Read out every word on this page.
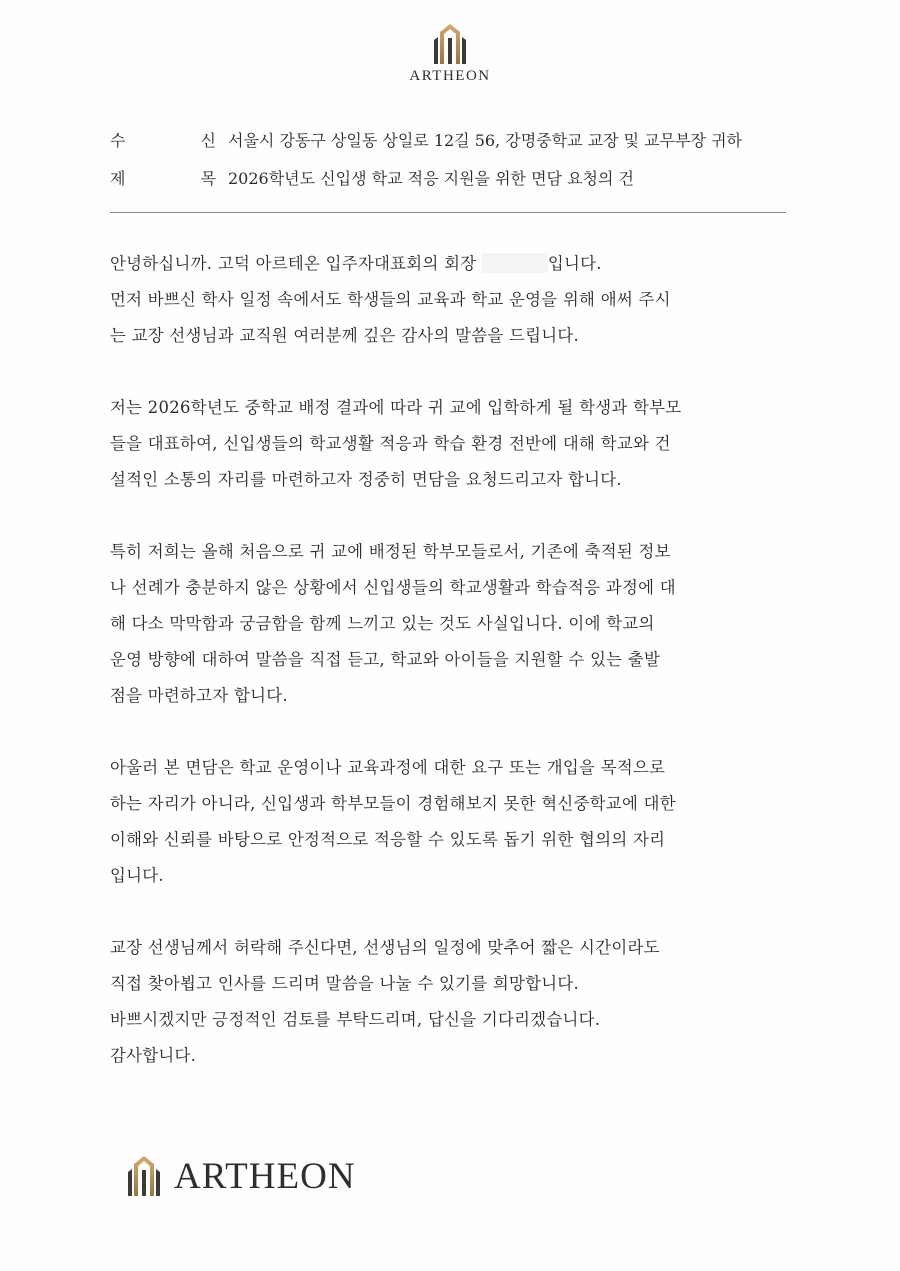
ARTHEON
수	신 서울시 강동구 상일동 상일로 12길 56, 강명중학교 교장 및 교무부장 귀하
제	목 2026학년도 신입생 학교 적응 지원을 위한 면담 요청의 건
안녕하십니까. 고덕 아르테온 입주자대표회의 회장	입니다.
먼저 바쁘신 학사 일정 속에서도 학생들의 교육과 학교 운영을 위해 애써 주시
는 교장 선생님과 교직원 여러분께 깊은 감사의 말씀을 드립니다.
저는 2026학년도 중학교 배정 결과에 따라 귀 교에 입학하게 될 학생과 학부모
들을 대표하여, 신입생들의 학교생활 적응과 학습 환경 전반에 대해 학교와 건
설적인 소통의 자리를 마련하고자 정중히 면담을 요청드리고자 합니다.
특히 저희는 올해 처음으로 귀 교에 배정된 학부모들로서, 기존에 축적된 정보
나 선례가 충분하지 않은 상황에서 신입생들의 학교생활과 학습적응 과정에 대
해 다소 막막함과 궁금함을 함께 느끼고 있는 것도 사실입니다. 이에 학교의
운영 방향에 대하여 말씀을 직접 듣고, 학교와 아이들을 지원할 수 있는 출발
점을 마련하고자 합니다.
아울러 본 면담은 학교 운영이나 교육과정에 대한 요구 또는 개입을 목적으로
하는 자리가 아니라, 신입생과 학부모들이 경험해보지 못한 혁신중학교에 대한
이해와 신뢰를 바탕으로 안정적으로 적응할 수 있도록 돕기 위한 협의의 자리
입니다.
교장 선생님께서 허락해 주신다면, 선생님의 일정에 맞추어 짧은 시간이라도
직접 찾아뵙고 인사를 드리며 말씀을 나눌 수 있기를 희망합니다.
바쁘시겠지만 긍정적인 검토를 부탁드리며, 답신을 기다리겠습니다.
감사합니다.
ARTHEON
